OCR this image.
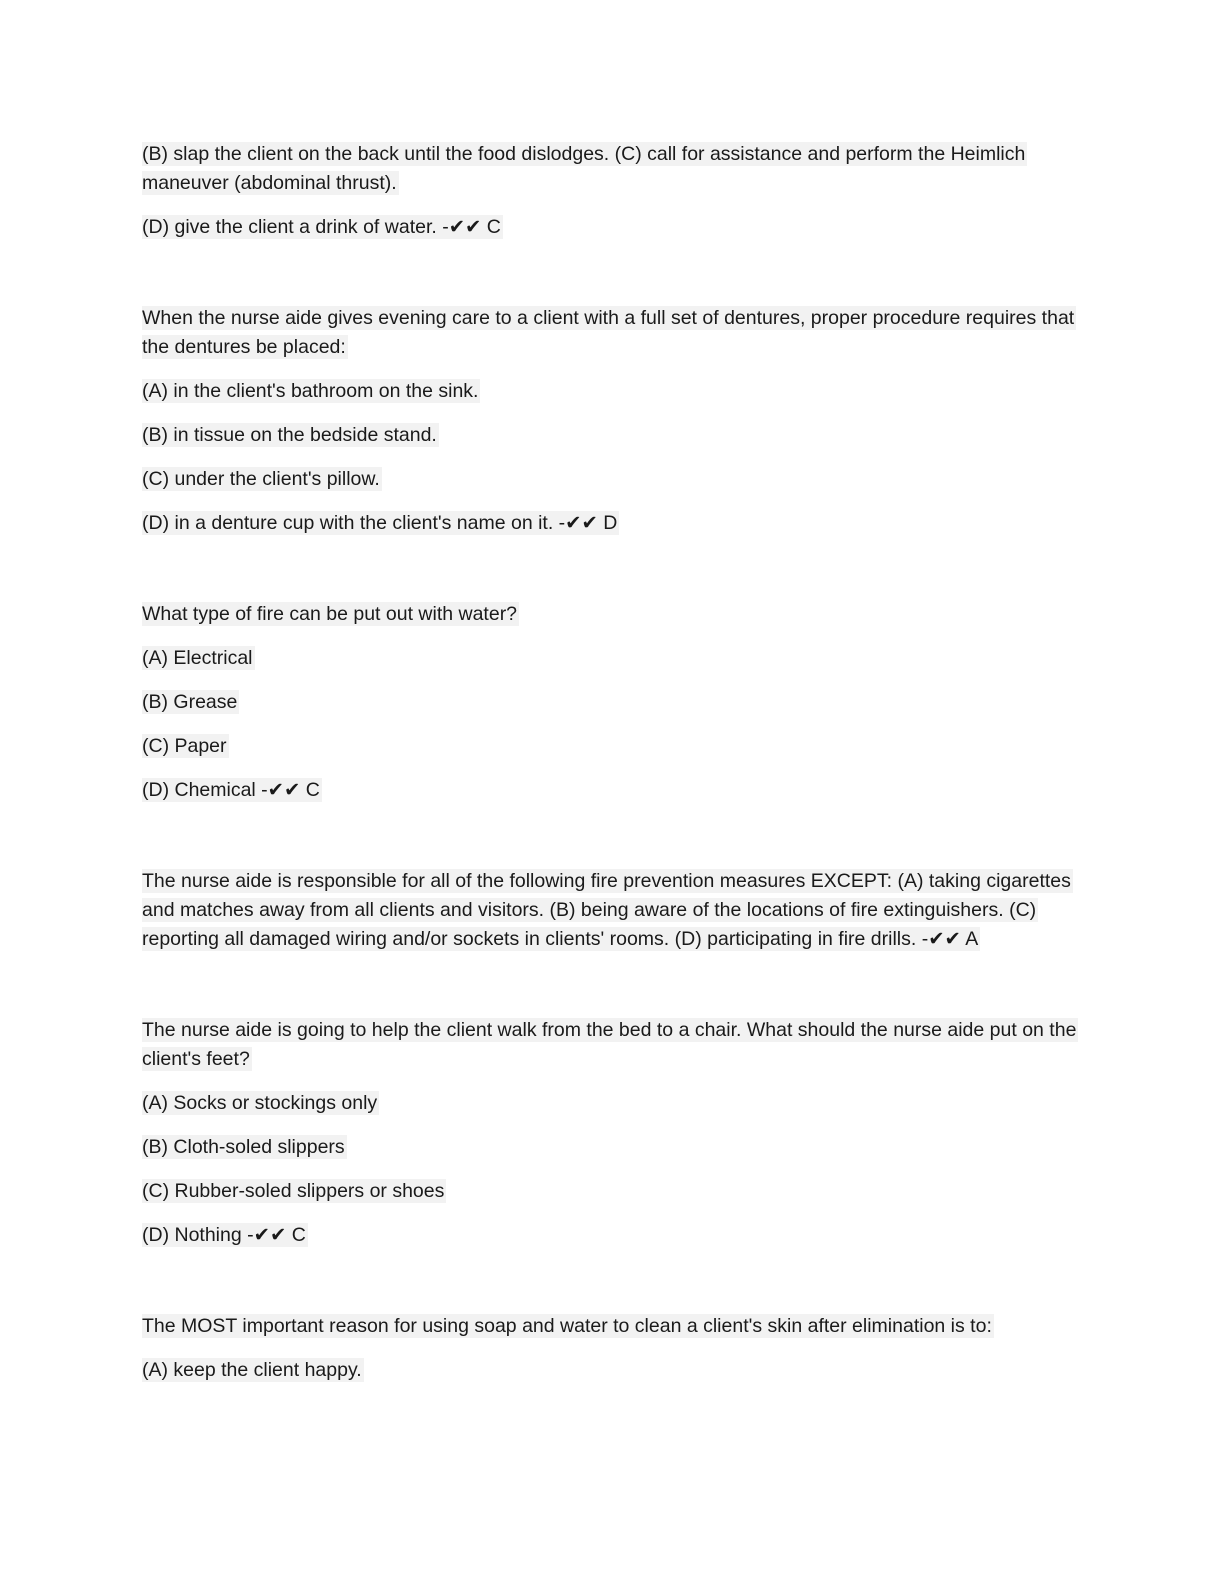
(B) slap the client on the back until the food dislodges. (C) call for assistance and perform the Heimlich maneuver (abdominal thrust).

(D) give the client a drink of water. -✔✔ C

When the nurse aide gives evening care to a client with a full set of dentures, proper procedure requires that the dentures be placed:

(A) in the client's bathroom on the sink.

(B) in tissue on the bedside stand.

(C) under the client's pillow.

(D) in a denture cup with the client's name on it. -✔✔ D

What type of fire can be put out with water?

(A) Electrical

(B) Grease

(C) Paper

(D) Chemical -✔✔ C

The nurse aide is responsible for all of the following fire prevention measures EXCEPT: (A) taking cigarettes and matches away from all clients and visitors. (B) being aware of the locations of fire extinguishers. (C) reporting all damaged wiring and/or sockets in clients' rooms. (D) participating in fire drills. -✔✔ A

The nurse aide is going to help the client walk from the bed to a chair. What should the nurse aide put on the client's feet?

(A) Socks or stockings only

(B) Cloth-soled slippers

(C) Rubber-soled slippers or shoes

(D) Nothing -✔✔ C

The MOST important reason for using soap and water to clean a client's skin after elimination is to:

(A) keep the client happy.
